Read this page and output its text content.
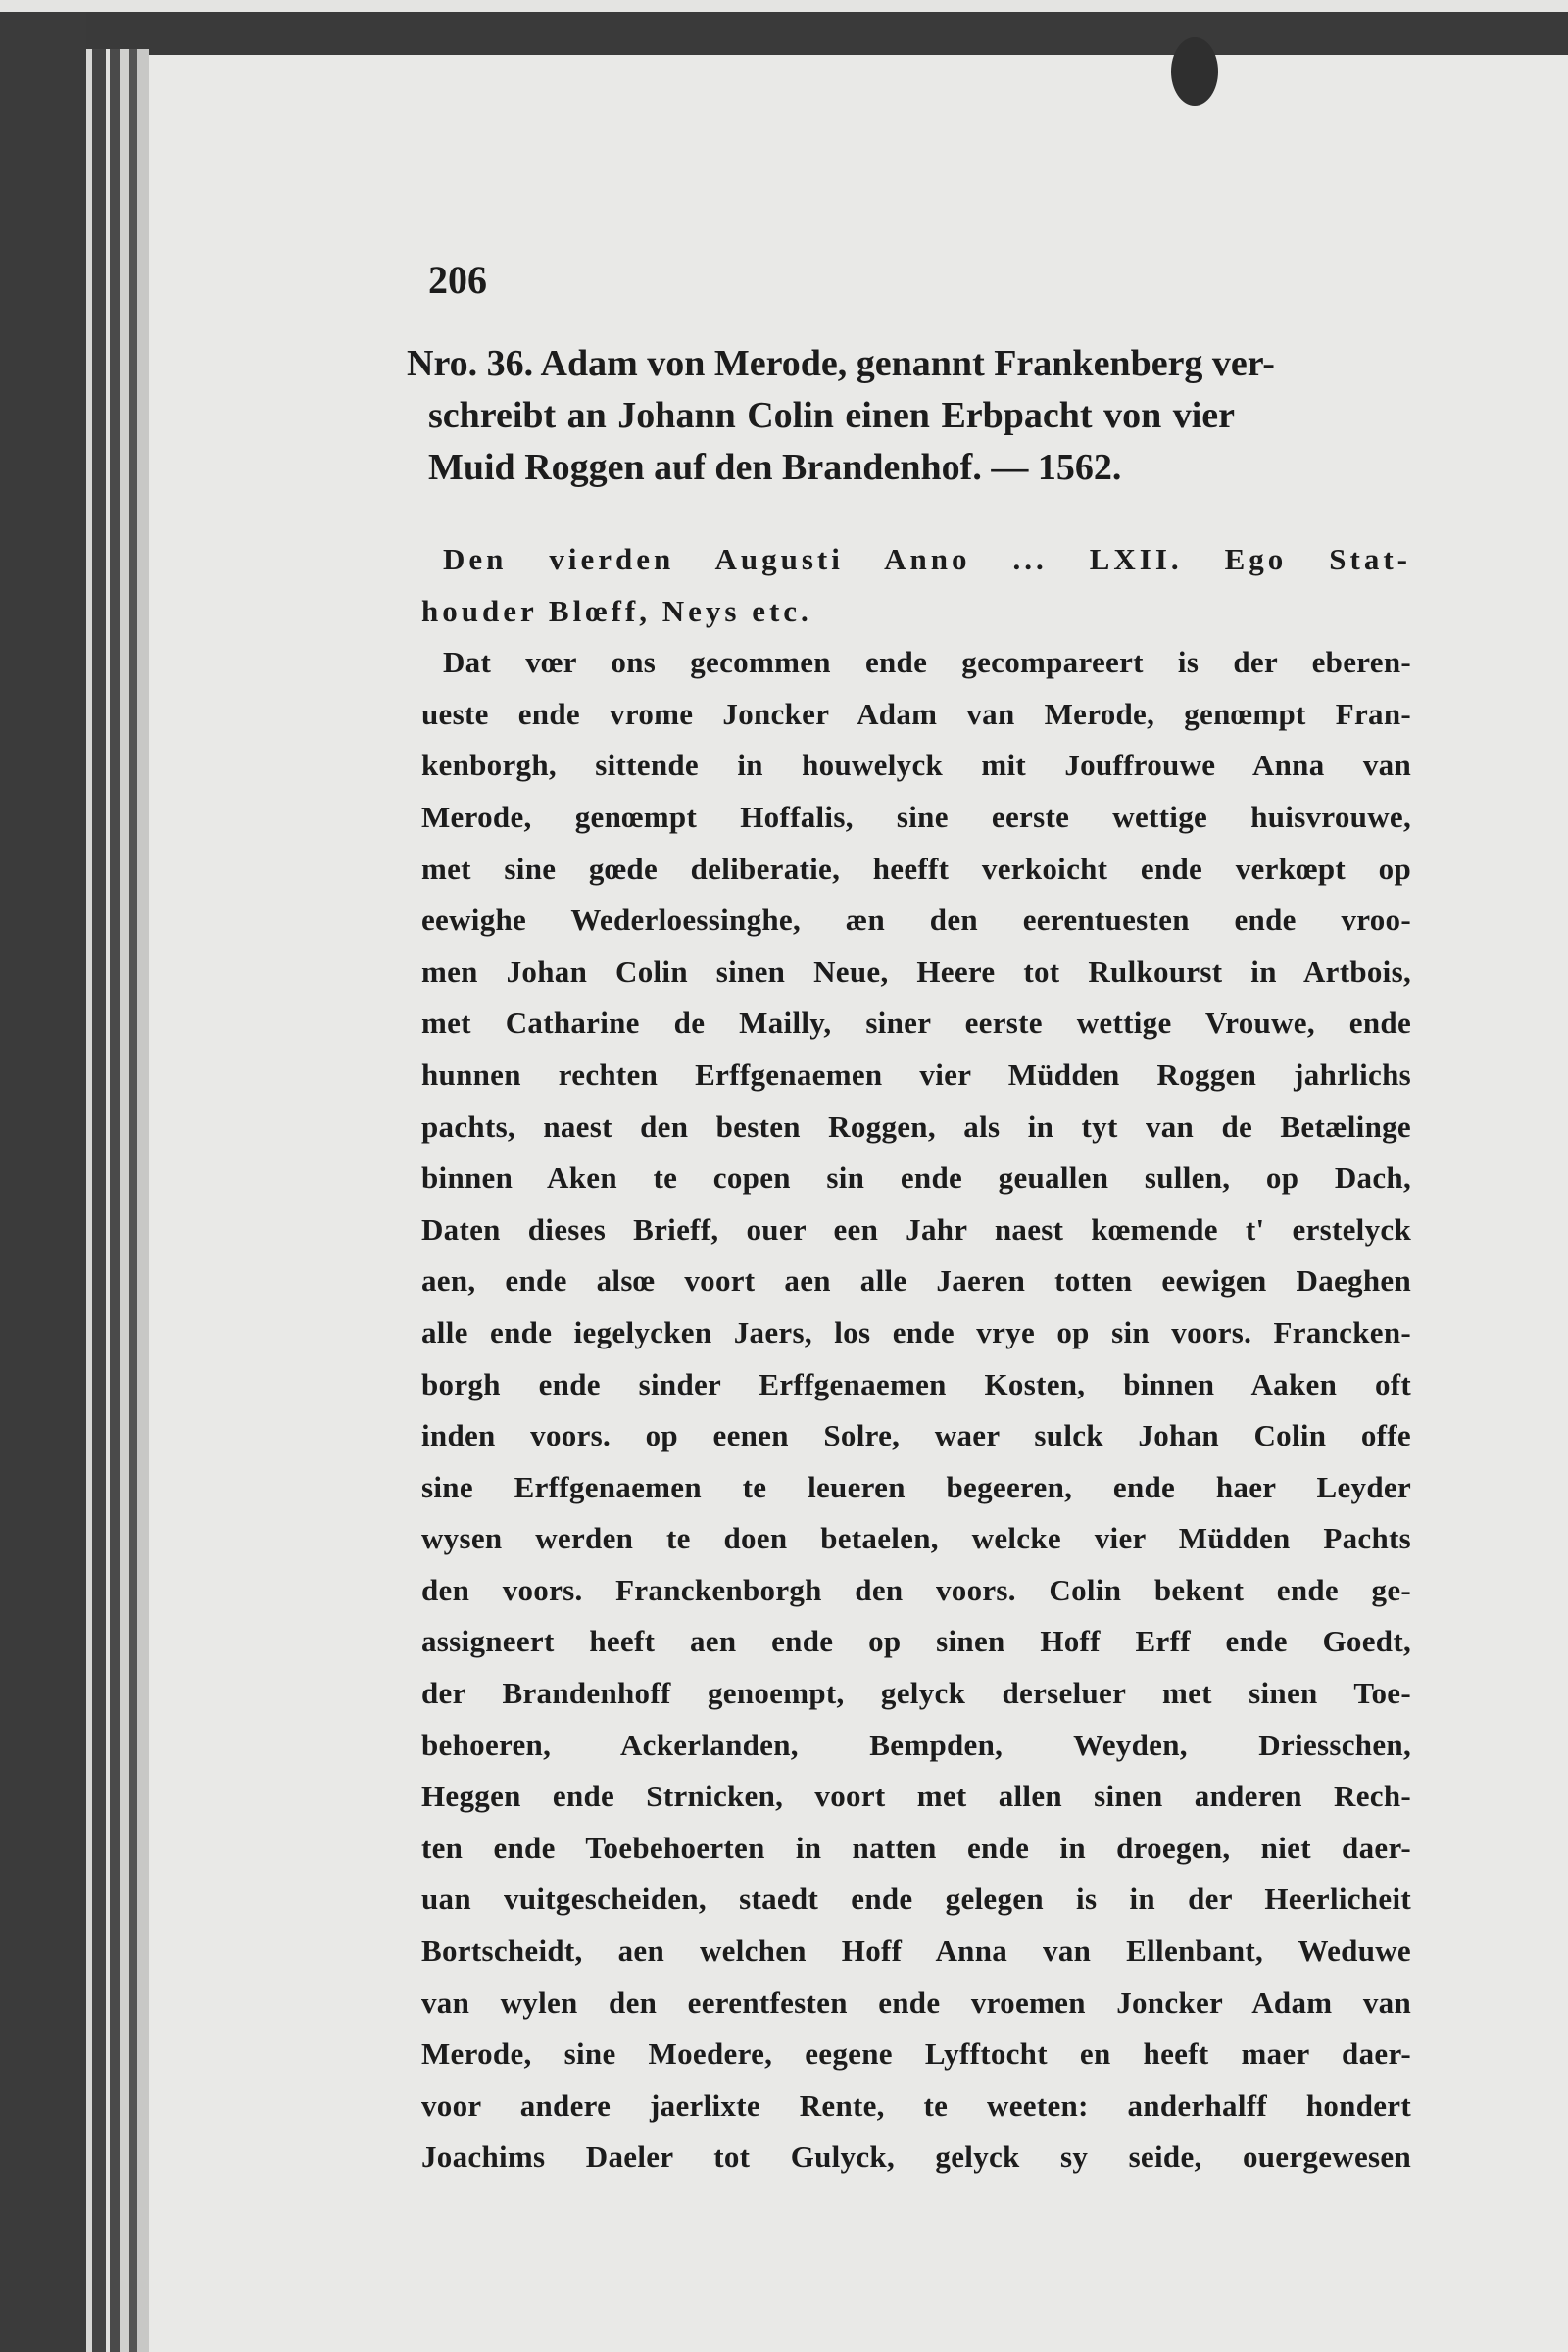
206
Nro. 36. Adam von Merode, genannt Frankenberg ver-
schreibt an Johann Colin einen Erbpacht von vier
Muid Roggen auf den Brandenhof. — 1562.
Den vierden Augusti Anno ... LXII. Ego Stat-
houder Blœff, Neys etc.
Dat vœr ons gecommen ende gecompareert is der eberen-
ueste ende vrome Joncker Adam van Merode, genœmpt Fran-
kenborgh, sittende in houwelyck mit Jouffrouwe Anna van
Merode, genœmpt Hoffalis, sine eerste wettige huisvrouwe,
met sine gœde deliberatie, heefft verkoicht ende verkœpt op
eewighe Wederloessinghe, æn den eerentuesten ende vroo-
men Johan Colin sinen Neue, Heere tot Rulkourst in Artbois,
met Catharine de Mailly, siner eerste wettige Vrouwe, ende
hunnen rechten Erffgenaemen vier Müdden Roggen jahrlichs
pachts, naest den besten Roggen, als in tyt van de Betælinge
binnen Aken te copen sin ende geuallen sullen, op Dach,
Daten dieses Brieff, ouer een Jahr naest kœmende t' erstelyck
aen, ende alsœ voort aen alle Jaeren totten eewigen Daeghen
alle ende iegelycken Jaers, los ende vrye op sin voors. Francken-
borgh ende sinder Erffgenaemen Kosten, binnen Aaken oft
inden voors. op eenen Solre, waer sulck Johan Colin offe
sine Erffgenaemen te leueren begeeren, ende haer Leyder
wysen werden te doen betaelen, welcke vier Müdden Pachts
den voors. Franckenborgh den voors. Colin bekent ende ge-
assigneert heeft aen ende op sinen Hoff Erff ende Goedt,
der Brandenhoff genoempt, gelyck derseluer met sinen Toe-
behoeren, Ackerlanden, Bempden, Weyden, Driesschen,
Heggen ende Strnicken, voort met allen sinen anderen Rech-
ten ende Toebehoerten in natten ende in droegen, niet daer-
uan vuitgescheiden, staedt ende gelegen is in der Heerlicheit
Bortscheidt, aen welchen Hoff Anna van Ellenbant, Weduwe
van wylen den eerentfesten ende vroemen Joncker Adam van
Merode, sine Moedere, eegene Lyfftocht en heeft maer daer-
voor andere jaerlixte Rente, te weeten: anderhalff hondert
Joachims Daeler tot Gulyck, gelyck sy seide, ouergewesen
